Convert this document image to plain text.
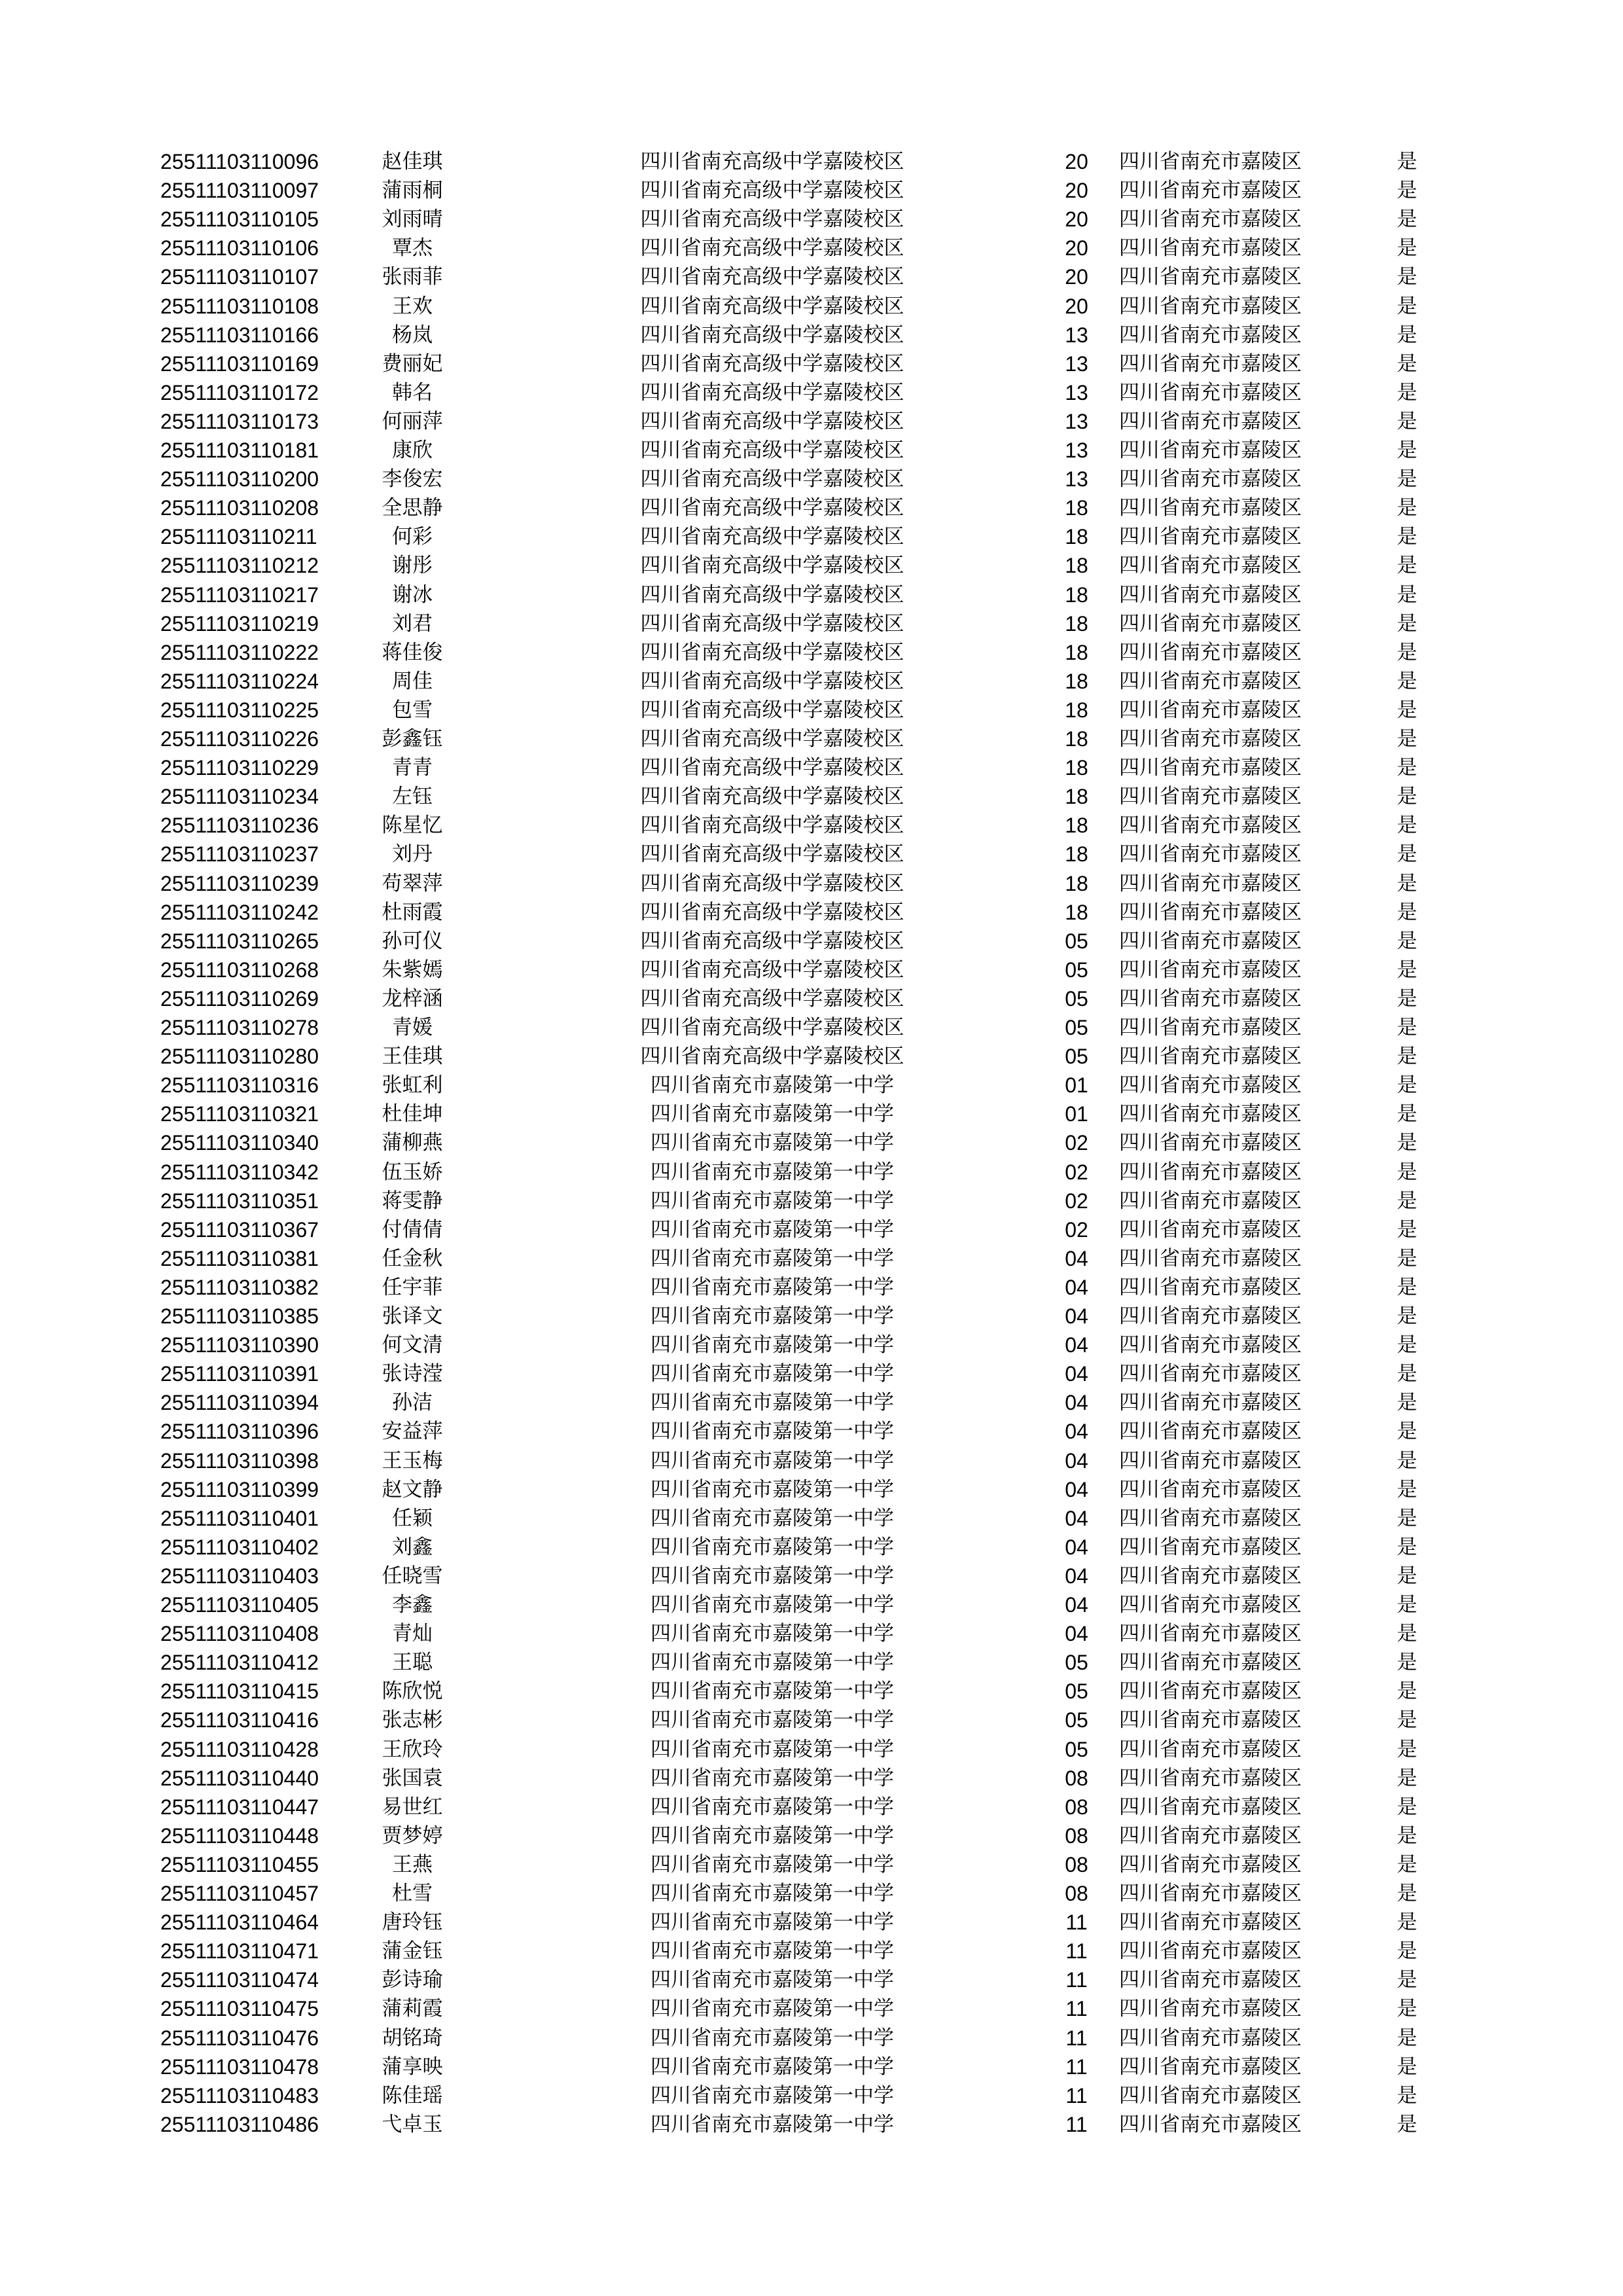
25511103110096	赵佳琪	四川省南充高级中学嘉陵校区	20	四川省南充市嘉陵区	是
25511103110097	蒲雨桐	四川省南充高级中学嘉陵校区	20	四川省南充市嘉陵区	是
25511103110105	刘雨晴	四川省南充高级中学嘉陵校区	20	四川省南充市嘉陵区	是
25511103110106	覃杰	四川省南充高级中学嘉陵校区	20	四川省南充市嘉陵区	是
25511103110107	张雨菲	四川省南充高级中学嘉陵校区	20	四川省南充市嘉陵区	是
25511103110108	王欢	四川省南充高级中学嘉陵校区	20	四川省南充市嘉陵区	是
25511103110166	杨岚	四川省南充高级中学嘉陵校区	13	四川省南充市嘉陵区	是
25511103110169	费丽妃	四川省南充高级中学嘉陵校区	13	四川省南充市嘉陵区	是
25511103110172	韩名	四川省南充高级中学嘉陵校区	13	四川省南充市嘉陵区	是
25511103110173	何丽萍	四川省南充高级中学嘉陵校区	13	四川省南充市嘉陵区	是
25511103110181	康欣	四川省南充高级中学嘉陵校区	13	四川省南充市嘉陵区	是
25511103110200	李俊宏	四川省南充高级中学嘉陵校区	13	四川省南充市嘉陵区	是
25511103110208	全思静	四川省南充高级中学嘉陵校区	18	四川省南充市嘉陵区	是
25511103110211	何彩	四川省南充高级中学嘉陵校区	18	四川省南充市嘉陵区	是
25511103110212	谢彤	四川省南充高级中学嘉陵校区	18	四川省南充市嘉陵区	是
25511103110217	谢冰	四川省南充高级中学嘉陵校区	18	四川省南充市嘉陵区	是
25511103110219	刘君	四川省南充高级中学嘉陵校区	18	四川省南充市嘉陵区	是
25511103110222	蒋佳俊	四川省南充高级中学嘉陵校区	18	四川省南充市嘉陵区	是
25511103110224	周佳	四川省南充高级中学嘉陵校区	18	四川省南充市嘉陵区	是
25511103110225	包雪	四川省南充高级中学嘉陵校区	18	四川省南充市嘉陵区	是
25511103110226	彭鑫钰	四川省南充高级中学嘉陵校区	18	四川省南充市嘉陵区	是
25511103110229	青青	四川省南充高级中学嘉陵校区	18	四川省南充市嘉陵区	是
25511103110234	左钰	四川省南充高级中学嘉陵校区	18	四川省南充市嘉陵区	是
25511103110236	陈星忆	四川省南充高级中学嘉陵校区	18	四川省南充市嘉陵区	是
25511103110237	刘丹	四川省南充高级中学嘉陵校区	18	四川省南充市嘉陵区	是
25511103110239	苟翠萍	四川省南充高级中学嘉陵校区	18	四川省南充市嘉陵区	是
25511103110242	杜雨霞	四川省南充高级中学嘉陵校区	18	四川省南充市嘉陵区	是
25511103110265	孙可仪	四川省南充高级中学嘉陵校区	05	四川省南充市嘉陵区	是
25511103110268	朱紫嫣	四川省南充高级中学嘉陵校区	05	四川省南充市嘉陵区	是
25511103110269	龙梓涵	四川省南充高级中学嘉陵校区	05	四川省南充市嘉陵区	是
25511103110278	青媛	四川省南充高级中学嘉陵校区	05	四川省南充市嘉陵区	是
25511103110280	王佳琪	四川省南充高级中学嘉陵校区	05	四川省南充市嘉陵区	是
25511103110316	张虹利	四川省南充市嘉陵第一中学	01	四川省南充市嘉陵区	是
25511103110321	杜佳坤	四川省南充市嘉陵第一中学	01	四川省南充市嘉陵区	是
25511103110340	蒲柳燕	四川省南充市嘉陵第一中学	02	四川省南充市嘉陵区	是
25511103110342	伍玉娇	四川省南充市嘉陵第一中学	02	四川省南充市嘉陵区	是
25511103110351	蒋雯静	四川省南充市嘉陵第一中学	02	四川省南充市嘉陵区	是
25511103110367	付倩倩	四川省南充市嘉陵第一中学	02	四川省南充市嘉陵区	是
25511103110381	任金秋	四川省南充市嘉陵第一中学	04	四川省南充市嘉陵区	是
25511103110382	任宇菲	四川省南充市嘉陵第一中学	04	四川省南充市嘉陵区	是
25511103110385	张译文	四川省南充市嘉陵第一中学	04	四川省南充市嘉陵区	是
25511103110390	何文清	四川省南充市嘉陵第一中学	04	四川省南充市嘉陵区	是
25511103110391	张诗滢	四川省南充市嘉陵第一中学	04	四川省南充市嘉陵区	是
25511103110394	孙洁	四川省南充市嘉陵第一中学	04	四川省南充市嘉陵区	是
25511103110396	安益萍	四川省南充市嘉陵第一中学	04	四川省南充市嘉陵区	是
25511103110398	王玉梅	四川省南充市嘉陵第一中学	04	四川省南充市嘉陵区	是
25511103110399	赵文静	四川省南充市嘉陵第一中学	04	四川省南充市嘉陵区	是
25511103110401	任颖	四川省南充市嘉陵第一中学	04	四川省南充市嘉陵区	是
25511103110402	刘鑫	四川省南充市嘉陵第一中学	04	四川省南充市嘉陵区	是
25511103110403	任晓雪	四川省南充市嘉陵第一中学	04	四川省南充市嘉陵区	是
25511103110405	李鑫	四川省南充市嘉陵第一中学	04	四川省南充市嘉陵区	是
25511103110408	青灿	四川省南充市嘉陵第一中学	04	四川省南充市嘉陵区	是
25511103110412	王聪	四川省南充市嘉陵第一中学	05	四川省南充市嘉陵区	是
25511103110415	陈欣悦	四川省南充市嘉陵第一中学	05	四川省南充市嘉陵区	是
25511103110416	张志彬	四川省南充市嘉陵第一中学	05	四川省南充市嘉陵区	是
25511103110428	王欣玲	四川省南充市嘉陵第一中学	05	四川省南充市嘉陵区	是
25511103110440	张国袁	四川省南充市嘉陵第一中学	08	四川省南充市嘉陵区	是
25511103110447	易世红	四川省南充市嘉陵第一中学	08	四川省南充市嘉陵区	是
25511103110448	贾梦婷	四川省南充市嘉陵第一中学	08	四川省南充市嘉陵区	是
25511103110455	王燕	四川省南充市嘉陵第一中学	08	四川省南充市嘉陵区	是
25511103110457	杜雪	四川省南充市嘉陵第一中学	08	四川省南充市嘉陵区	是
25511103110464	唐玲钰	四川省南充市嘉陵第一中学	11	四川省南充市嘉陵区	是
25511103110471	蒲金钰	四川省南充市嘉陵第一中学	11	四川省南充市嘉陵区	是
25511103110474	彭诗瑜	四川省南充市嘉陵第一中学	11	四川省南充市嘉陵区	是
25511103110475	蒲莉霞	四川省南充市嘉陵第一中学	11	四川省南充市嘉陵区	是
25511103110476	胡铭琦	四川省南充市嘉陵第一中学	11	四川省南充市嘉陵区	是
25511103110478	蒲享映	四川省南充市嘉陵第一中学	11	四川省南充市嘉陵区	是
25511103110483	陈佳瑶	四川省南充市嘉陵第一中学	11	四川省南充市嘉陵区	是
25511103110486	弋卓玉	四川省南充市嘉陵第一中学	11	四川省南充市嘉陵区	是
